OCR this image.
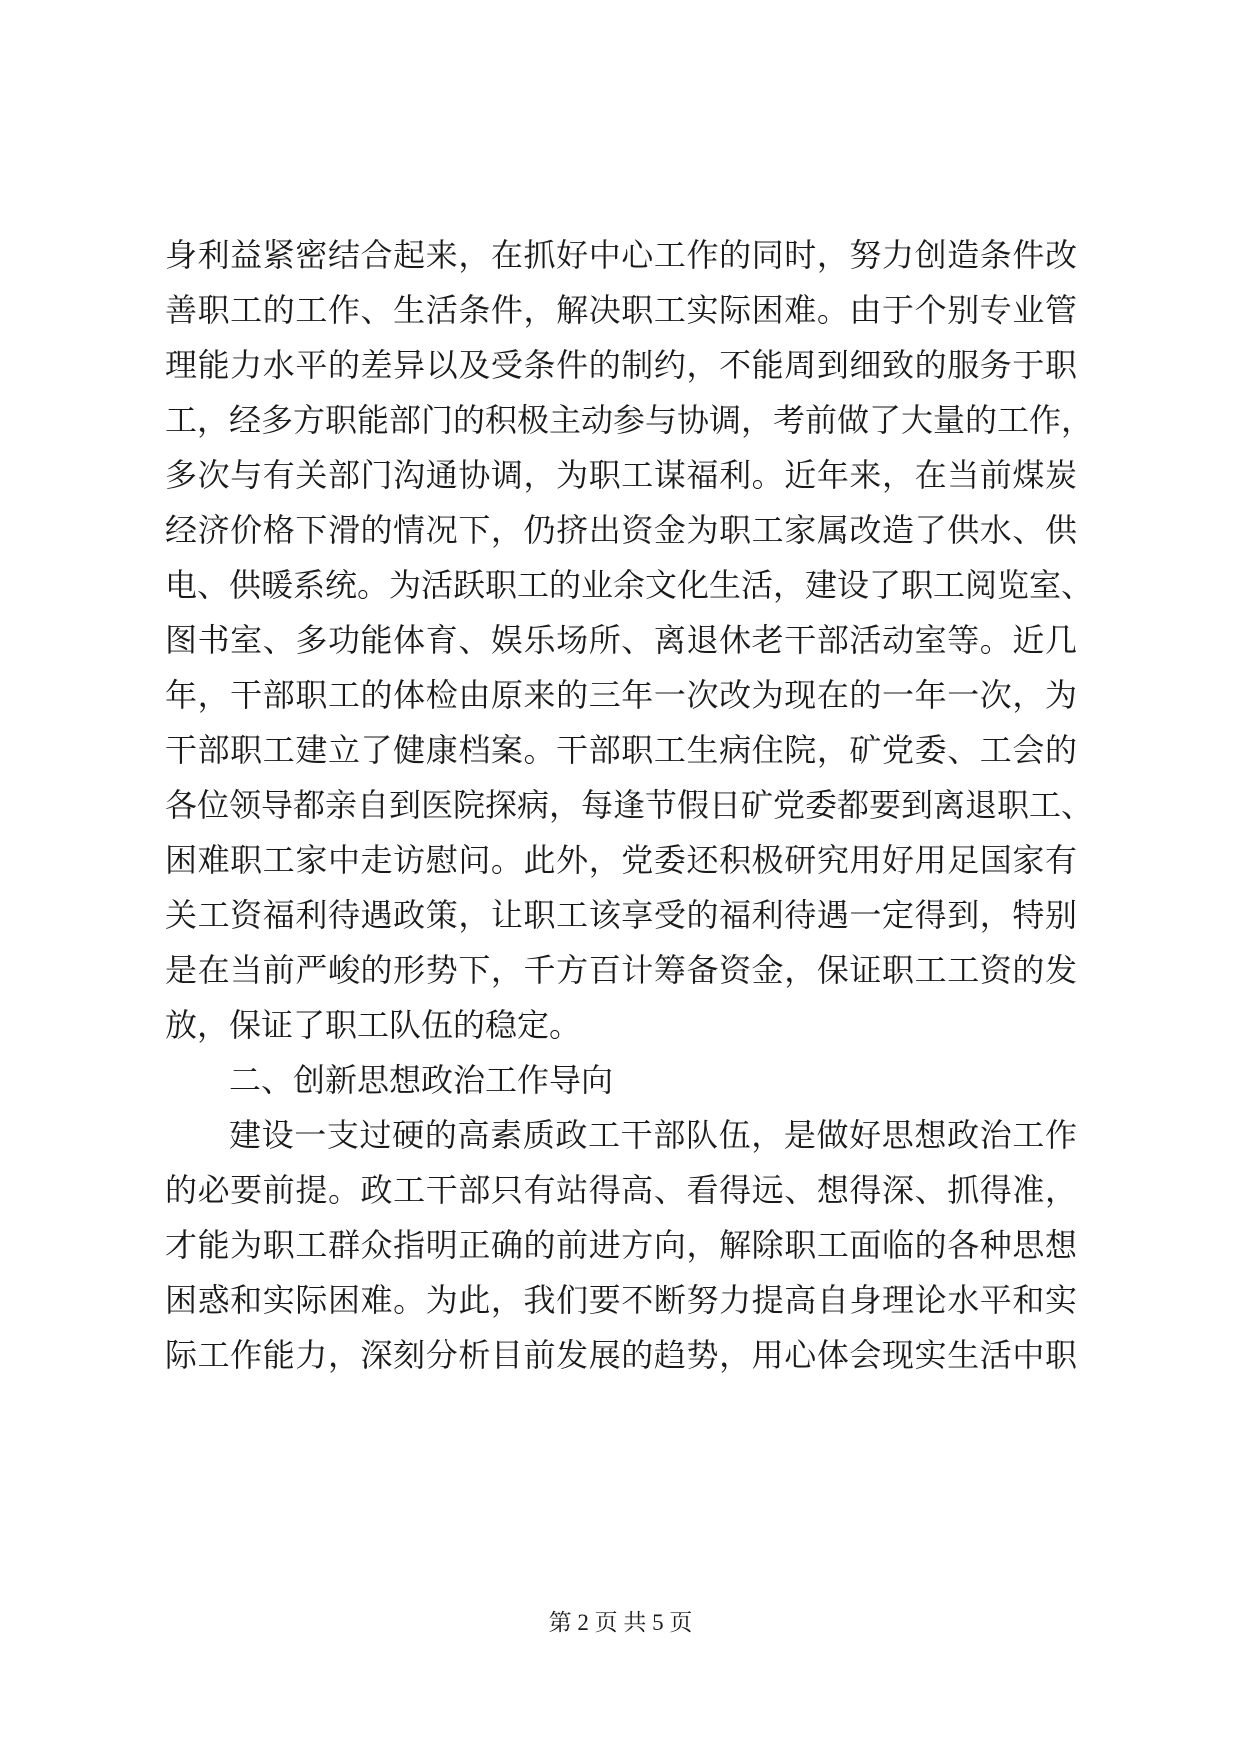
身利益紧密结合起来，在抓好中心工作的同时，努力创造条件改
善职工的工作、生活条件，解决职工实际困难。由于个别专业管
理能力水平的差异以及受条件的制约，不能周到细致的服务于职
工，经多方职能部门的积极主动参与协调，考前做了大量的工作，
多次与有关部门沟通协调，为职工谋福利。近年来，在当前煤炭
经济价格下滑的情况下，仍挤出资金为职工家属改造了供水、供
电、供暖系统。为活跃职工的业余文化生活，建设了职工阅览室、
图书室、多功能体育、娱乐场所、离退休老干部活动室等。近几
年，干部职工的体检由原来的三年一次改为现在的一年一次，为
干部职工建立了健康档案。干部职工生病住院，矿党委、工会的
各位领导都亲自到医院探病，每逢节假日矿党委都要到离退职工、
困难职工家中走访慰问。此外，党委还积极研究用好用足国家有
关工资福利待遇政策，让职工该享受的福利待遇一定得到，特别
是在当前严峻的形势下，千方百计筹备资金，保证职工工资的发
放，保证了职工队伍的稳定。
二、创新思想政治工作导向
建设一支过硬的高素质政工干部队伍，是做好思想政治工作
的必要前提。政工干部只有站得高、看得远、想得深、抓得准，
才能为职工群众指明正确的前进方向，解除职工面临的各种思想
困惑和实际困难。为此，我们要不断努力提高自身理论水平和实
际工作能力，深刻分析目前发展的趋势，用心体会现实生活中职
第 2 页 共 5 页
